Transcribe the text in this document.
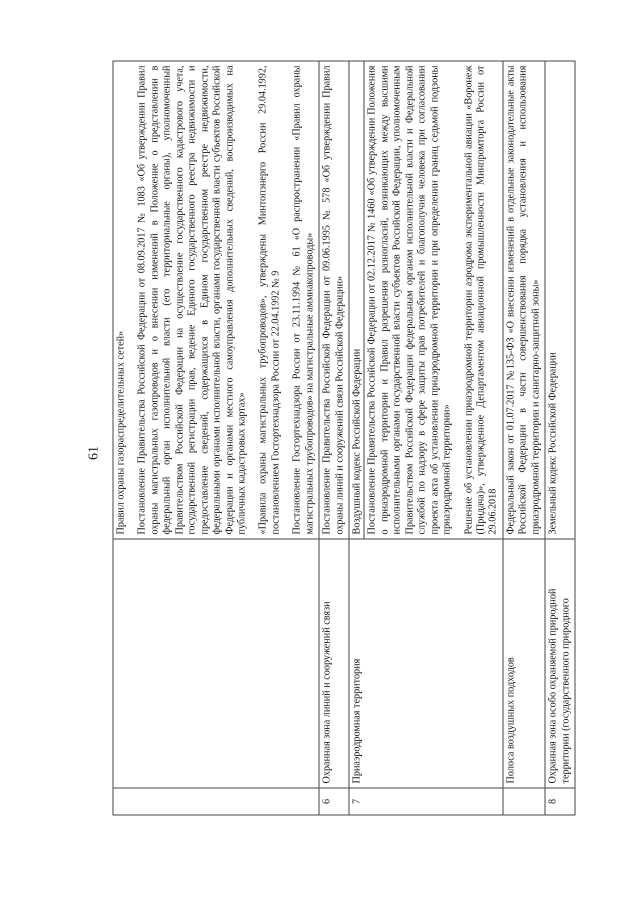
61

		Правил охраны газораспределительных сетей» Постановление Правительства Российской Федерации от 08.09.2017 № 1083 «Об утверждении Правил охраны магистральных газопроводов и о внесении изменений в Положение о представлении в федеральный орган исполнительной власти (его территориальные органы), уполномоченный Правительством Российской Федерации на осуществление государственного кадастрового учета, государственной регистрации прав, ведение Единого государственного реестра недвижимости и предоставление сведений, содержащихся в Едином государственном реестре недвижимости, федеральными органами исполнительной власти, органами государственной власти субъектов Российской Федерации и органами местного самоуправления дополнительных сведений, воспроизводимых на публичных кадастровых картах» «Правила охраны магистральных трубопроводов», утверждены Минтопэнерго России 29.04.1992, постановлением Госгортехнадзора России от 22.04.1992 № 9 Постановление Госгортехнадзора России от 23.11.1994 № 61 «О распространении «Правил охраны магистральных трубопроводов» на магистральные аммиакопроводы»

6	Охранная зона линий и сооружений связи	Постановление Правительства Российской Федерации от 09.06.1995 № 578 «Об утверждении Правил охраны линий и сооружений связи Российской Федерации»

7	Приаэродромная территория	Воздушный кодекс Российской Федерации Постановление Правительства Российской Федерации от 02.12.2017 № 1460 «Об утверждении Положения о приаэродромной территории и Правил разрешения разногласий, возникающих между высшими исполнительными органами государственной власти субъектов Российской Федерации, уполномоченным Правительством Российской Федерации федеральным органом исполнительной власти и Федеральной службой по надзору в сфере защиты прав потребителей и благополучия человека при согласовании проекта акта об установлении приаэродромной территории и при определении границ седьмой подзоны приаэродромной территории» Решение об установлении приаэродромной территории аэродрома экспериментальной авиации «Воронеж (Придача)», утвержденное Департаментом авиационной промышленности Минпромторга России от 29.06.2018

	Полоса воздушных подходов	Федеральный закон от 01.07.2017 №135-ФЗ «О внесении изменений в отдельные законодательные акты Российской Федерации в части совершенствования порядка установления и использования приаэродромной территории и санитарно-защитной зоны»

8	Охранная зона особо охраняемой природной территории (государственного природного	Земельный кодекс Российской Федерации
